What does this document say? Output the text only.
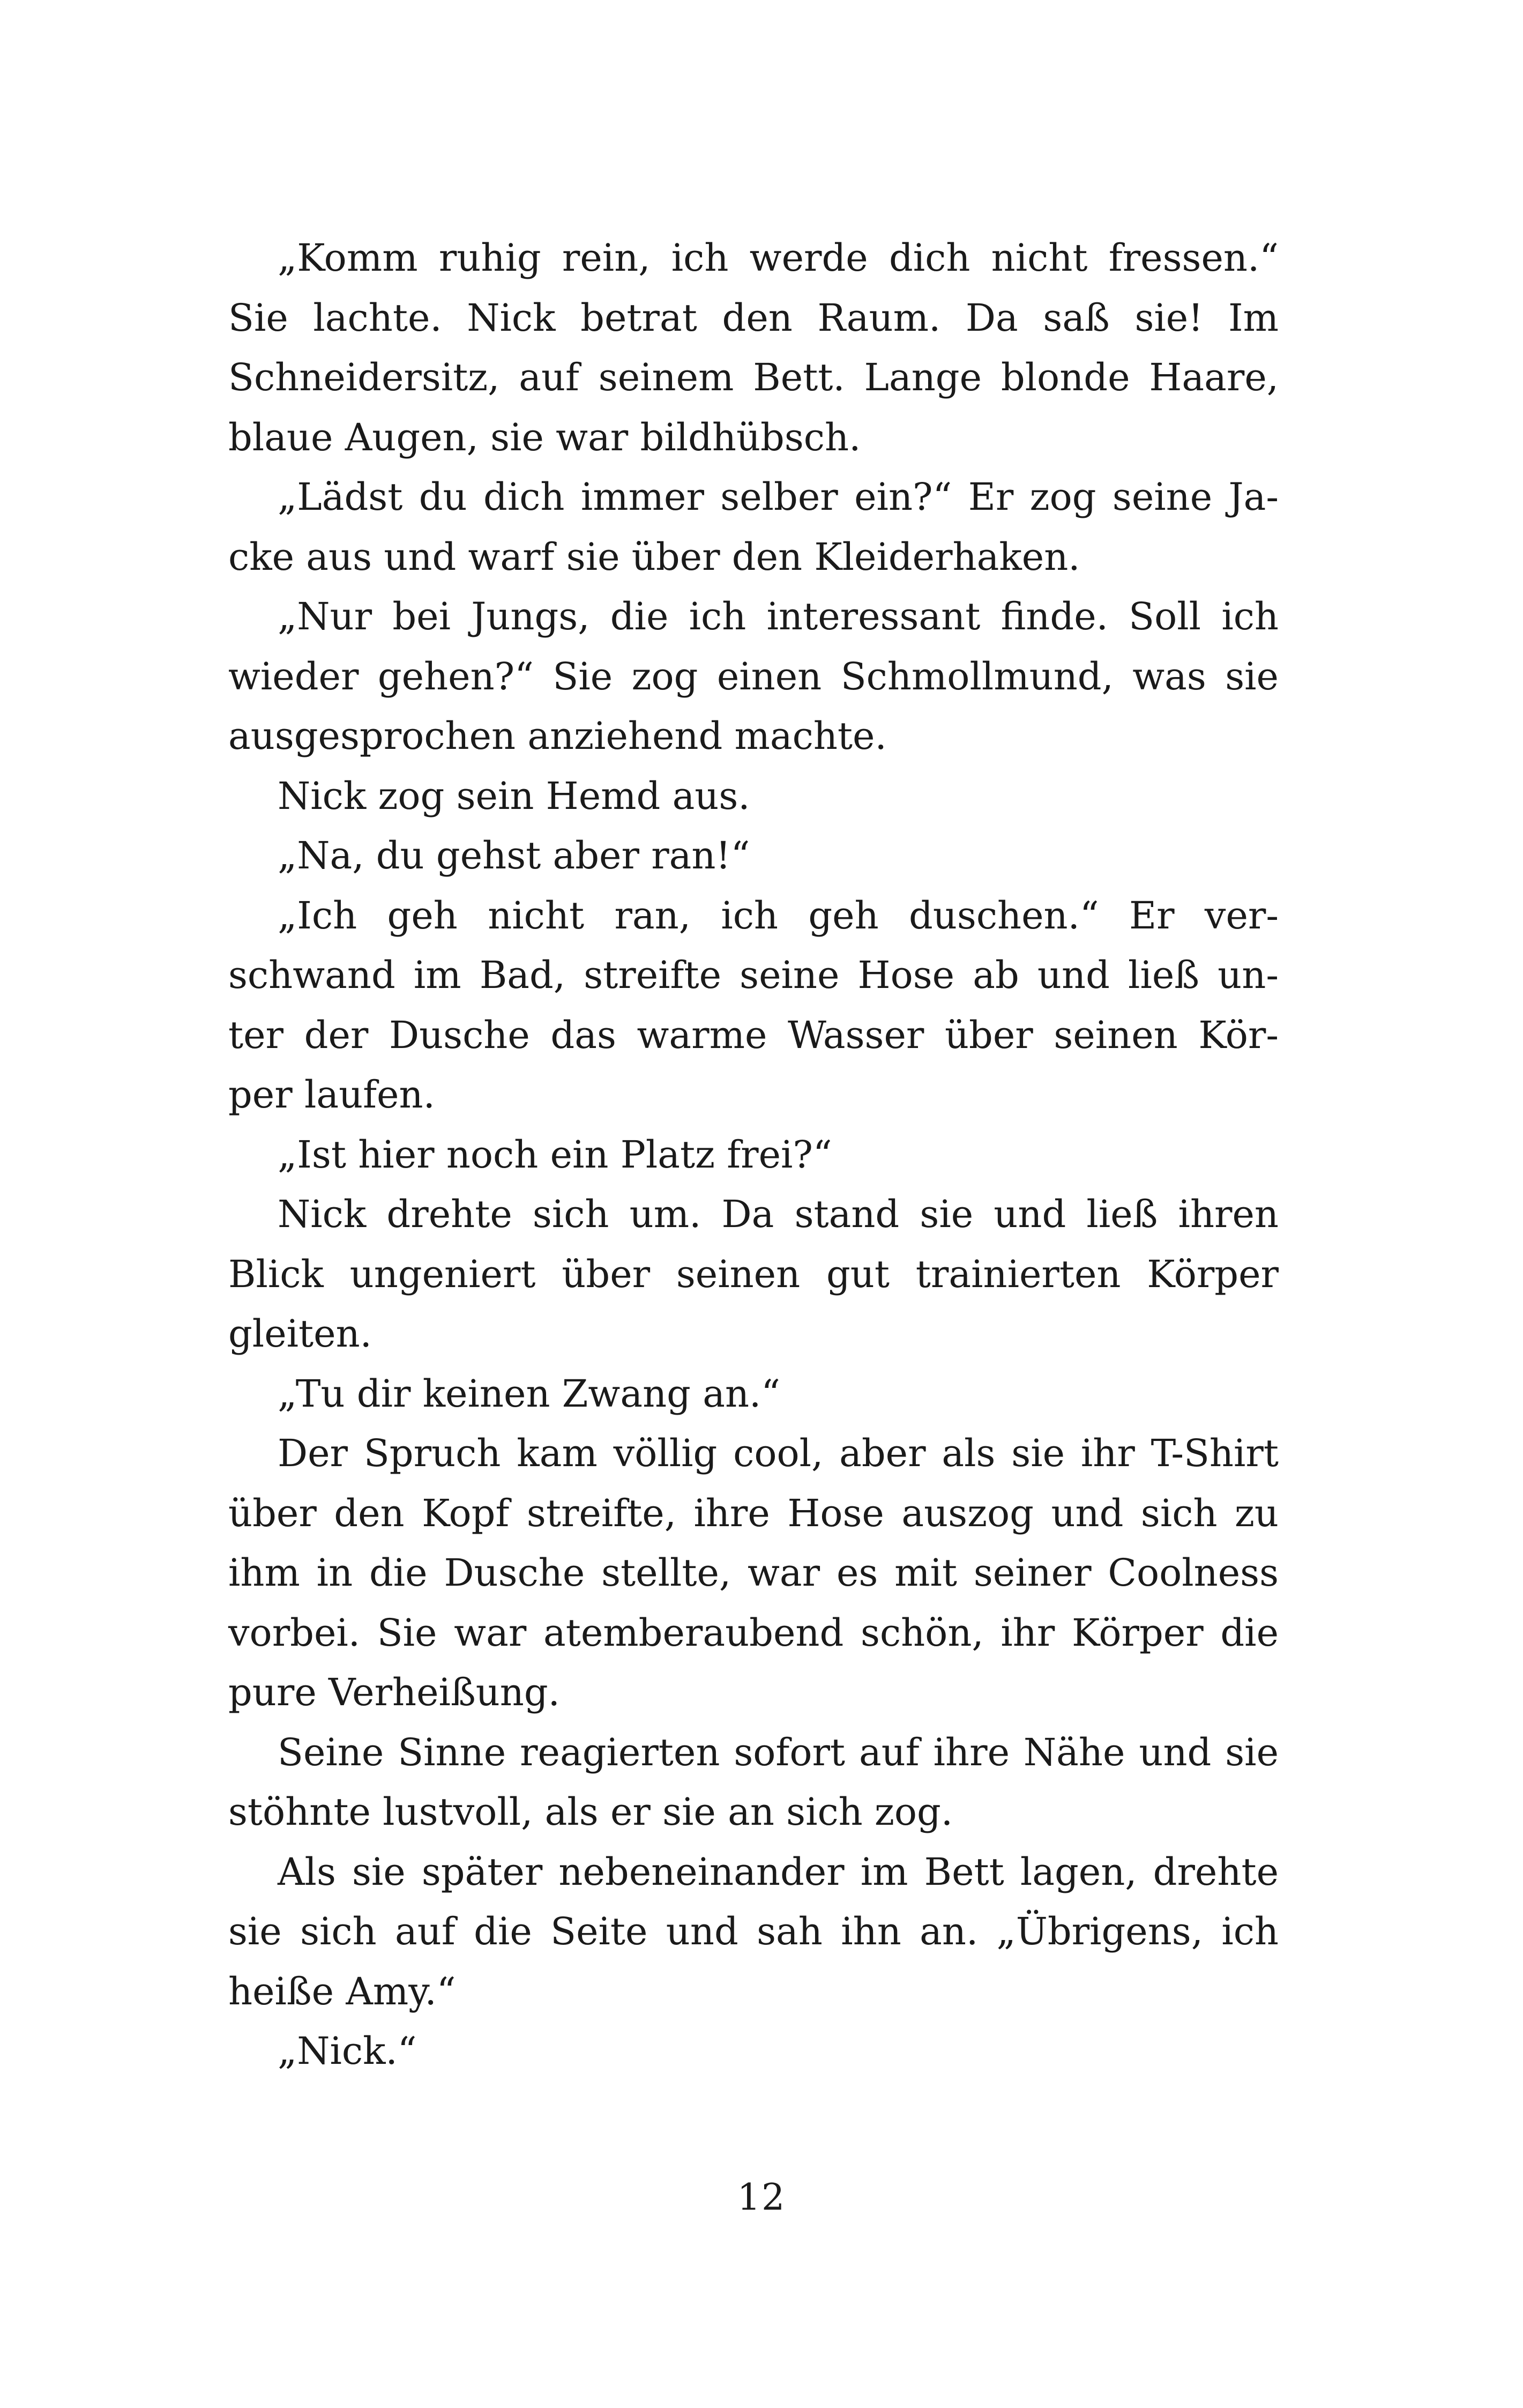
„Komm ruhig rein, ich werde dich nicht fressen.“
Sie lachte. Nick betrat den Raum. Da saß sie! Im
Schneidersitz, auf seinem Bett. Lange blonde Haare,
blaue Augen, sie war bildhübsch.
„Lädst du dich immer selber ein?“ Er zog seine Ja-
cke aus und warf sie über den Kleiderhaken.
„Nur bei Jungs, die ich interessant finde. Soll ich
wieder gehen?“ Sie zog einen Schmollmund, was sie
ausgesprochen anziehend machte.
Nick zog sein Hemd aus.
„Na, du gehst aber ran!“
„Ich geh nicht ran, ich geh duschen.“ Er ver-
schwand im Bad, streifte seine Hose ab und ließ un-
ter der Dusche das warme Wasser über seinen Kör-
per laufen.
„Ist hier noch ein Platz frei?“
Nick drehte sich um. Da stand sie und ließ ihren
Blick ungeniert über seinen gut trainierten Körper
gleiten.
„Tu dir keinen Zwang an.“
Der Spruch kam völlig cool, aber als sie ihr T-Shirt
über den Kopf streifte, ihre Hose auszog und sich zu
ihm in die Dusche stellte, war es mit seiner Coolness
vorbei. Sie war atemberaubend schön, ihr Körper die
pure Verheißung.
Seine Sinne reagierten sofort auf ihre Nähe und sie
stöhnte lustvoll, als er sie an sich zog.
Als sie später nebeneinander im Bett lagen, drehte
sie sich auf die Seite und sah ihn an. „Übrigens, ich
heiße Amy.“
„Nick.“
12
